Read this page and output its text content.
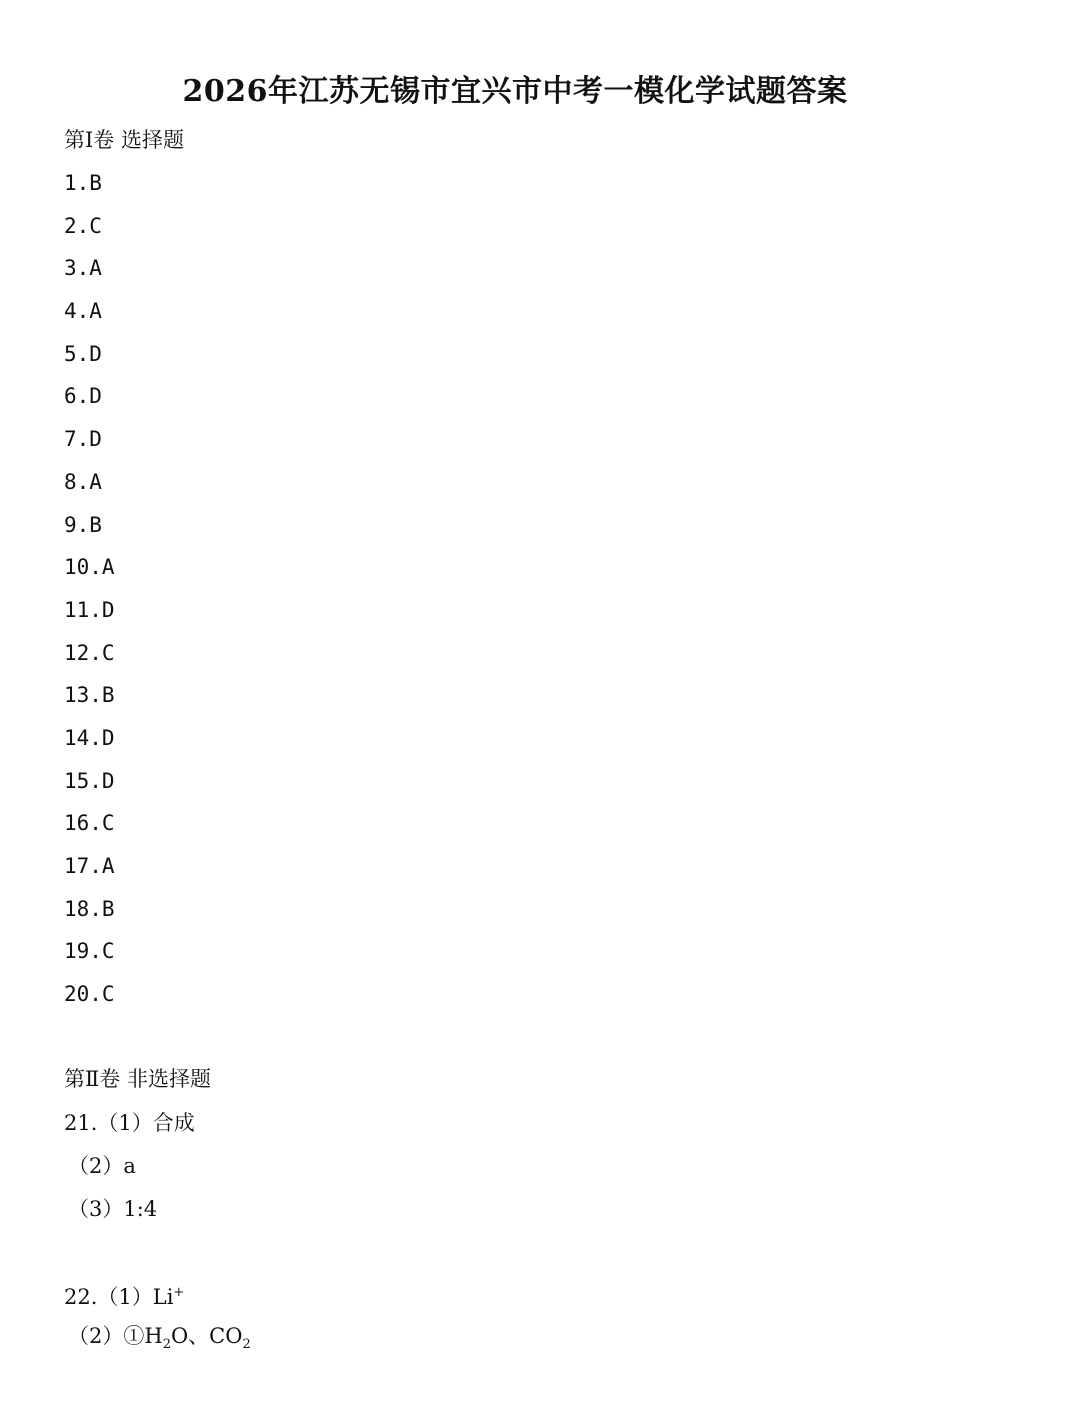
2026年江苏无锡市宜兴市中考一模化学试题答案
第Ⅰ卷 选择题
1.B
2.C
3.A
4.A
5.D
6.D
7.D
8.A
9.B
10.A
11.D
12.C
13.B
14.D
15.D
16.C
17.A
18.B
19.C
20.C
第Ⅱ卷 非选择题
21.（1）合成
（2）a
（3）1:4
22.（1）Li+
$(2)①H_2O$、$CO_2$
